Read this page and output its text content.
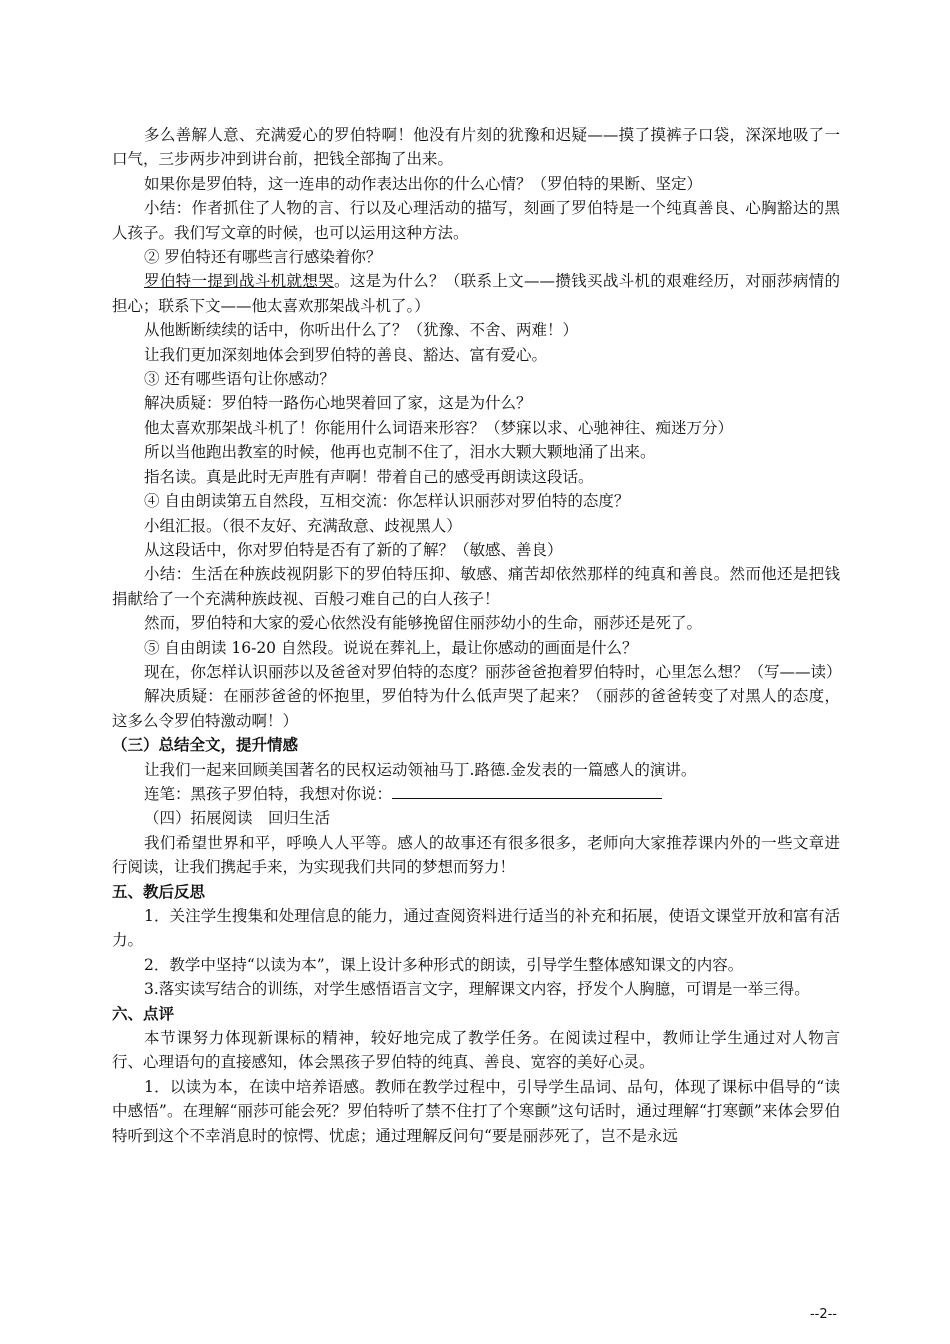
多么善解人意、充满爱心的罗伯特啊！他没有片刻的犹豫和迟疑——摸了摸裤子口袋，深深地吸了一口气，三步两步冲到讲台前，把钱全部掏了出来。

如果你是罗伯特，这一连串的动作表达出你的什么心情？（罗伯特的果断、坚定）

小结：作者抓住了人物的言、行以及心理活动的描写，刻画了罗伯特是一个纯真善良、心胸豁达的黑人孩子。我们写文章的时候，也可以运用这种方法。

② 罗伯特还有哪些言行感染着你？

罗伯特一提到战斗机就想哭。这是为什么？（联系上文——攒钱买战斗机的艰难经历，对丽莎病情的担心；联系下文——他太喜欢那架战斗机了。）

从他断断续续的话中，你听出什么了？（犹豫、不舍、两难！）

让我们更加深刻地体会到罗伯特的善良、豁达、富有爱心。

③ 还有哪些语句让你感动？

解决质疑：罗伯特一路伤心地哭着回了家，这是为什么？

他太喜欢那架战斗机了！你能用什么词语来形容？（梦寐以求、心驰神往、痴迷万分）

所以当他跑出教室的时候，他再也克制不住了，泪水大颗大颗地涌了出来。

指名读。真是此时无声胜有声啊！带着自己的感受再朗读这段话。

④ 自由朗读第五自然段，互相交流：你怎样认识丽莎对罗伯特的态度？

小组汇报。（很不友好、充满敌意、歧视黑人）

从这段话中，你对罗伯特是否有了新的了解？（敏感、善良）

小结：生活在种族歧视阴影下的罗伯特压抑、敏感、痛苦却依然那样的纯真和善良。然而他还是把钱捐献给了一个充满种族歧视、百般刁难自己的白人孩子！

然而，罗伯特和大家的爱心依然没有能够挽留住丽莎幼小的生命，丽莎还是死了。

⑤ 自由朗读 16-20 自然段。说说在葬礼上，最让你感动的画面是什么？

现在，你怎样认识丽莎以及爸爸对罗伯特的态度？丽莎爸爸抱着罗伯特时，心里怎么想？（写——读）

解决质疑：在丽莎爸爸的怀抱里，罗伯特为什么低声哭了起来？（丽莎的爸爸转变了对黑人的态度，这多么令罗伯特激动啊！）

（三）总结全文，提升情感

让我们一起来回顾美国著名的民权运动领袖马丁.路德.金发表的一篇感人的演讲。

连笔：黑孩子罗伯特，我想对你说：

（四）拓展阅读　回归生活

我们希望世界和平，呼唤人人平等。感人的故事还有很多很多，老师向大家推荐课内外的一些文章进行阅读，让我们携起手来，为实现我们共同的梦想而努力！

五、教后反思

1．关注学生搜集和处理信息的能力，通过查阅资料进行适当的补充和拓展，使语文课堂开放和富有活力。

2．教学中坚持“以读为本”，课上设计多种形式的朗读，引导学生整体感知课文的内容。

3.落实读写结合的训练，对学生感悟语言文字，理解课文内容，抒发个人胸臆，可谓是一举三得。

六、点评

本节课努力体现新课标的精神，较好地完成了教学任务。在阅读过程中，教师让学生通过对人物言行、心理语句的直接感知，体会黑孩子罗伯特的纯真、善良、宽容的美好心灵。

1．以读为本，在读中培养语感。教师在教学过程中，引导学生品词、品句，体现了课标中倡导的“读中感悟”。在理解“丽莎可能会死？罗伯特听了禁不住打了个寒颤”这句话时，通过理解“打寒颤”来体会罗伯特听到这个不幸消息时的惊愕、忧虑；通过理解反问句“要是丽莎死了，岂不是永远

--2--
